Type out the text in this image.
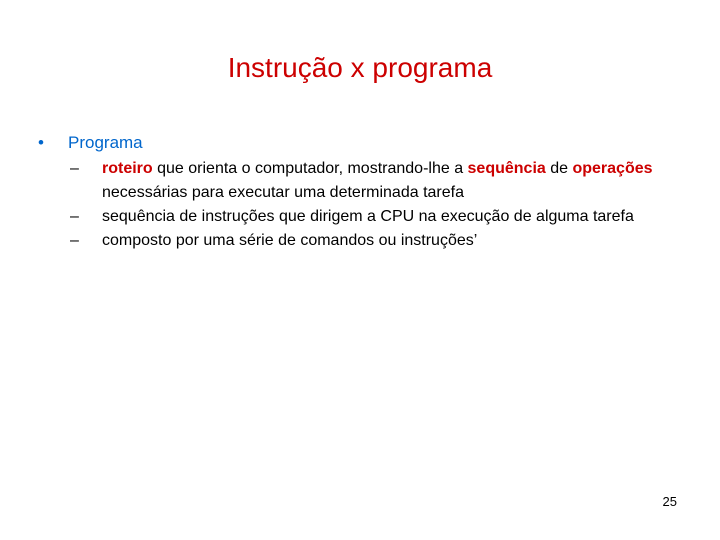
Instrução x programa
• Programa
–	roteiro que orienta o computador, mostrando-lhe a sequência de operações necessárias para executar uma determinada tarefa
–	sequência de instruções que dirigem a CPU na execução de alguma tarefa
–	composto por uma série de comandos ou instruções’
25
